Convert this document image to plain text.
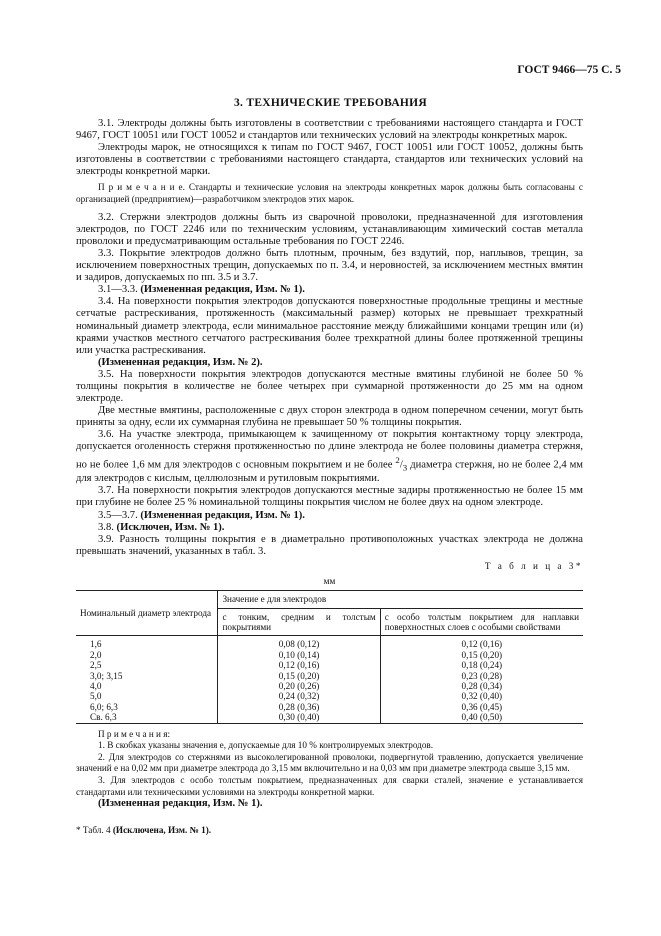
ГОСТ 9466—75 С. 5
3. ТЕХНИЧЕСКИЕ ТРЕБОВАНИЯ

3.1. Электроды должны быть изготовлены в соответствии с требованиями настоящего стандарта и ГОСТ 9467, ГОСТ 10051 или ГОСТ 10052 и стандартов или технических условий на электроды конкретных марок.

Электроды марок, не относящихся к типам по ГОСТ 9467, ГОСТ 10051 или ГОСТ 10052, должны быть изготовлены в соответствии с требованиями настоящего стандарта, стандартов или технических условий на электроды конкретной марки.

П р и м е ч а н и е. Стандарты и технические условия на электроды конкретных марок должны быть согласованы с организацией (предприятием)—разработчиком электродов этих марок.

3.2. Стержни электродов должны быть из сварочной проволоки, предназначенной для изготовления электродов, по ГОСТ 2246 или по техническим условиям, устанавливающим химический состав металла проволоки и предусматривающим остальные требования по ГОСТ 2246.

3.3. Покрытие электродов должно быть плотным, прочным, без вздутий, пор, наплывов, трещин, за исключением поверхностных трещин, допускаемых по п. 3.4, и неровностей, за исключением местных вмятин и задиров, допускаемых по пп. 3.5 и 3.7.

3.1—3.3. (Измененная редакция, Изм. № 1).

3.4. На поверхности покрытия электродов допускаются поверхностные продольные трещины и местные сетчатые растрескивания, протяженность (максимальный размер) которых не превышает трехкратный номинальный диаметр электрода, если минимальное расстояние между ближайшими концами трещин или (и) краями участков местного сетчатого растрескивания более трехкратной длины более протяженной трещины или участка растрескивания.

(Измененная редакция, Изм. № 2).

3.5. На поверхности покрытия электродов допускаются местные вмятины глубиной не более 50 % толщины покрытия в количестве не более четырех при суммарной протяженности до 25 мм на одном электроде.

Две местные вмятины, расположенные с двух сторон электрода в одном поперечном сечении, могут быть приняты за одну, если их суммарная глубина не превышает 50 % толщины покрытия.

3.6. На участке электрода, примыкающем к зачищенному от покрытия контактному торцу электрода, допускается оголенность стержня протяженностью по длине электрода не более половины диаметра стержня, но не более 1,6 мм для электродов с основным покрытием и не более $^2/_3$ диаметра стержня, но не более 2,4 мм для электродов с кислым, целлюлозным и рутиловым покрытиями.

3.7. На поверхности покрытия электродов допускаются местные задиры протяженностью не более 15 мм при глубине не более 25 % номинальной толщины покрытия числом не более двух на одном электроде.

3.5—3.7. (Измененная редакция, Изм. № 1).

3.8. (Исключен, Изм. № 1).

3.9. Разность толщины покрытия e в диаметрально противоположных участках электрода не должна превышать значений, указанных в табл. 3.

Т а б л и ц а 3*
мм
Номинальный диаметр электрода	Значение e для электродов	
	с тонким, средним и толстым покрытиями	с особо толстым покрытием для наплавки поверхностных слоев с особыми свойствами
1,6	0,08 (0,12)	0,12 (0,16)
2,0	0,10 (0,14)	0,15 (0,20)
2,5	0,12 (0,16)	0,18 (0,24)
3,0; 3,15	0,15 (0,20)	0,23 (0,28)
4,0	0,20 (0,26)	0,28 (0,34)
5,0	0,24 (0,32)	0,32 (0,40)
6,0; 6,3	0,28 (0,36)	0,36 (0,45)
Св. 6,3	0,30 (0,40)	0,40 (0,50)

П р и м е ч а н и я:

1. В скобках указаны значения e, допускаемые для 10 % контролируемых электродов.

2. Для электродов со стержнями из высоколегированной проволоки, подвергнутой травлению, допускается увеличение значений e на 0,02 мм при диаметре электрода до 3,15 мм включительно и на 0,03 мм при диаметре электрода свыше 3,15 мм.

3. Для электродов с особо толстым покрытием, предназначенных для сварки сталей, значение e устанавливается стандартами или техническими условиями на электроды конкретной марки.

(Измененная редакция, Изм. № 1).

* Табл. 4 (Исключена, Изм. № 1).
